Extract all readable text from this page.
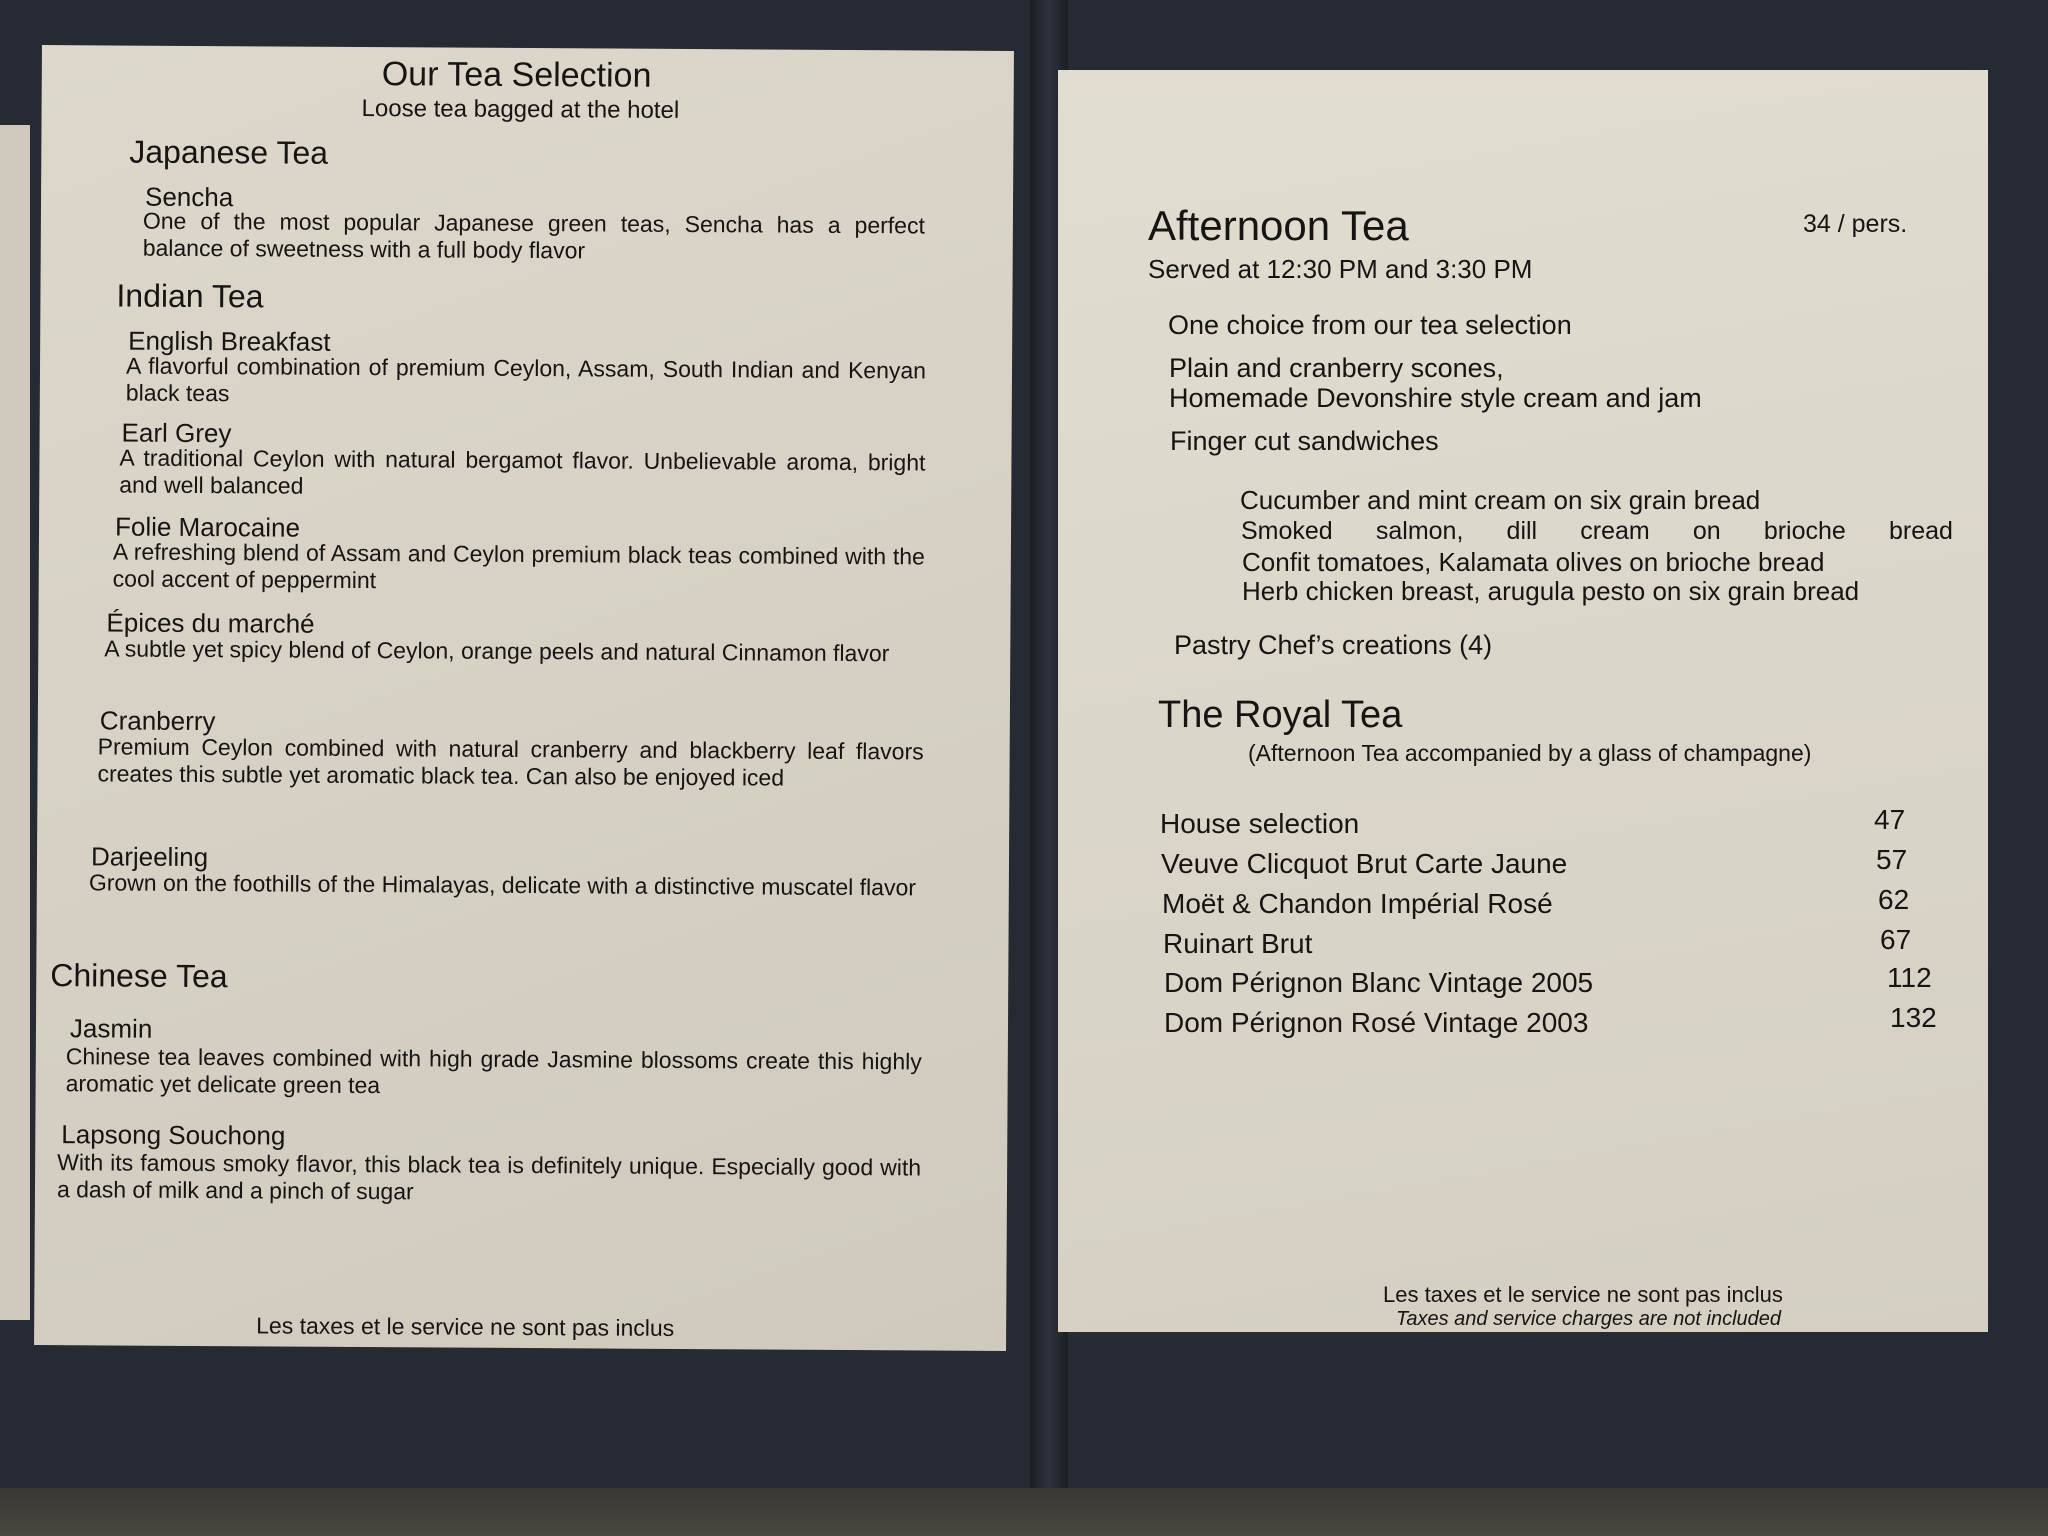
Our Tea Selection
Loose tea bagged at the hotel
Japanese Tea
Sencha
One of the most popular Japanese green teas, Sencha has a perfect balance of sweetness with a full body flavor
Indian Tea
English Breakfast
A flavorful combination of premium Ceylon, Assam, South Indian and Kenyan black teas
Earl Grey
A traditional Ceylon with natural bergamot flavor. Unbelievable aroma, bright and well balanced
Folie Marocaine
A refreshing blend of Assam and Ceylon premium black teas combined with the cool accent of peppermint
Épices du marché
A subtle yet spicy blend of Ceylon, orange peels and natural Cinnamon flavor
Cranberry
Premium Ceylon combined with natural cranberry and blackberry leaf flavors creates this subtle yet aromatic black tea. Can also be enjoyed iced
Darjeeling
Grown on the foothills of the Himalayas, delicate with a distinctive muscatel flavor
Chinese Tea
Jasmin
Chinese tea leaves combined with high grade Jasmine blossoms create this highly aromatic yet delicate green tea
Lapsong Souchong
With its famous smoky flavor, this black tea is definitely unique. Especially good with a dash of milk and a pinch of sugar
Les taxes et le service ne sont pas inclus
Afternoon Tea	34 / pers.
Served at 12:30 PM and 3:30 PM
One choice from our tea selection
Plain and cranberry scones,
Homemade Devonshire style cream and jam
Finger cut sandwiches
Cucumber and mint cream on six grain bread
Smoked salmon, dill cream on brioche bread
Confit tomatoes, Kalamata olives on brioche bread
Herb chicken breast, arugula pesto on six grain bread
Pastry Chef’s creations (4)
The Royal Tea
(Afternoon Tea accompanied by a glass of champagne)
House selection	47
Veuve Clicquot Brut Carte Jaune	57
Moët & Chandon Impérial Rosé	62
Ruinart Brut	67
Dom Pérignon Blanc Vintage 2005	112
Dom Pérignon Rosé Vintage 2003	132
Les taxes et le service ne sont pas inclus
Taxes and service charges are not included
